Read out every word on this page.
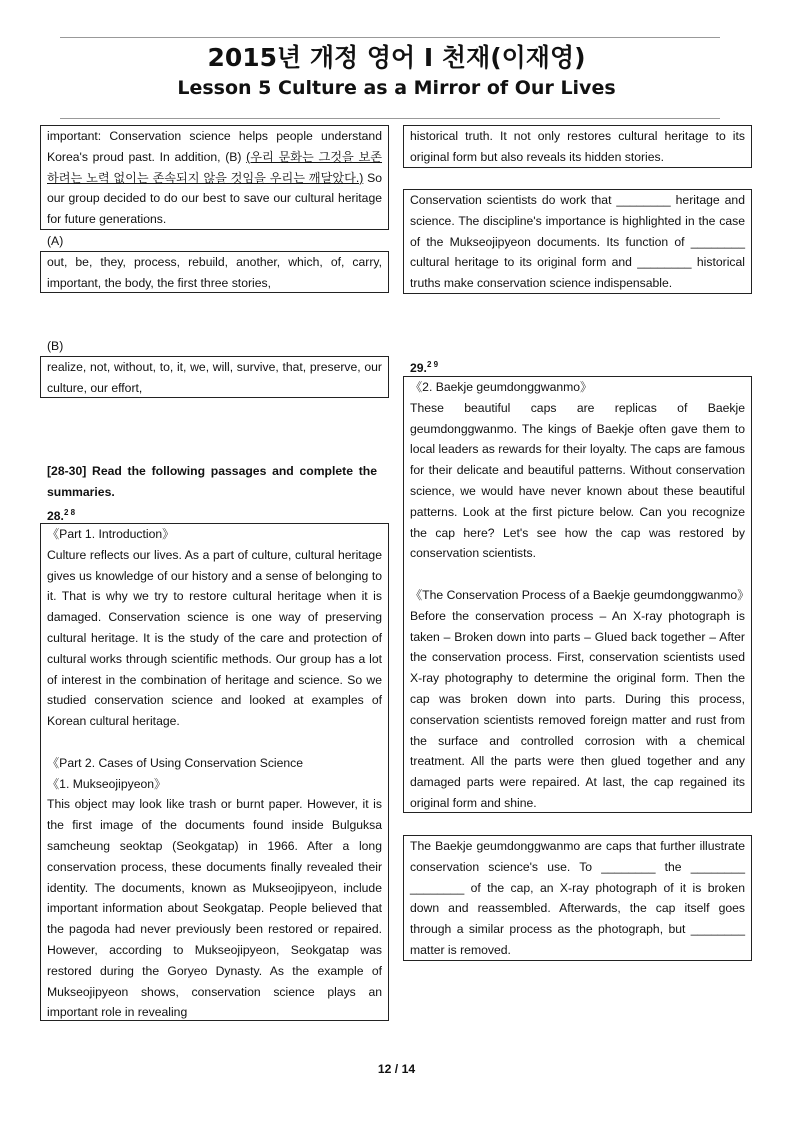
2015년 개정 영어 I 천재(이재영)
Lesson 5 Culture as a Mirror of Our Lives
important: Conservation science helps people understand Korea's proud past. In addition, (B) (우리 문화는 그것을 보존하려는 노력 없이는 존속되지 않을 것임을 우리는 깨달았다.) So our group decided to do our best to save our cultural heritage for future generations.
(A)
out, be, they, process, rebuild, another, which, of, carry, important, the body, the first three stories,
(B)
realize, not, without, to, it, we, will, survive, that, preserve, our culture, our effort,
[28-30] Read the following passages and complete the summaries.
28.$^{2 8}$

《Part 1. Introduction》

Culture reflects our lives. As a part of culture, cultural heritage gives us knowledge of our history and a sense of belonging to it. That is why we try to restore cultural heritage when it is damaged. Conservation science is one way of preserving cultural heritage. It is the study of the care and protection of cultural works through scientific methods. Our group has a lot of interest in the combination of heritage and science. So we studied conservation science and looked at examples of Korean cultural heritage.

《Part 2. Cases of Using Conservation Science

《1. Mukseojipyeon》

This object may look like trash or burnt paper. However, it is the first image of the documents found inside Bulguksa samcheung seoktap (Seokgatap) in 1966. After a long conservation process, these documents finally revealed their identity. The documents, known as Mukseojipyeon, include important information about Seokgatap. People believed that the pagoda had never previously been restored or repaired. However, according to Mukseojipyeon, Seokgatap was restored during the Goryeo Dynasty. As the example of Mukseojipyeon shows, conservation science plays an important role in revealing

historical truth. It not only restores cultural heritage to its original form but also reveals its hidden stories.
Conservation scientists do work that ________ heritage and science. The discipline's importance is highlighted in the case of the Mukseojipyeon documents. Its function of ________ cultural heritage to its original form and ________ historical truths make conservation science indispensable.
29.$^{2 9}$

《2. Baekje geumdonggwanmo》

These beautiful caps are replicas of Baekje geumdonggwanmo. The kings of Baekje often gave them to local leaders as rewards for their loyalty. The caps are famous for their delicate and beautiful patterns. Without conservation science, we would have never known about these beautiful patterns. Look at the first picture below. Can you recognize the cap here? Let's see how the cap was restored by conservation scientists.

《The Conservation Process of a Baekje geumdonggwanmo》

Before the conservation process – An X-ray photograph is taken – Broken down into parts – Glued back together – After the conservation process. First, conservation scientists used X-ray photography to determine the original form. Then the cap was broken down into parts. During this process, conservation scientists removed foreign matter and rust from the surface and controlled corrosion with a chemical treatment. All the parts were then glued together and any damaged parts were repaired. At last, the cap regained its original form and shine.

The Baekje geumdonggwanmo are caps that further illustrate conservation science's use. To ________ the ________ ________ of the cap, an X-ray photograph of it is broken down and reassembled. Afterwards, the cap itself goes through a similar process as the photograph, but ________ matter is removed.
12 / 14
